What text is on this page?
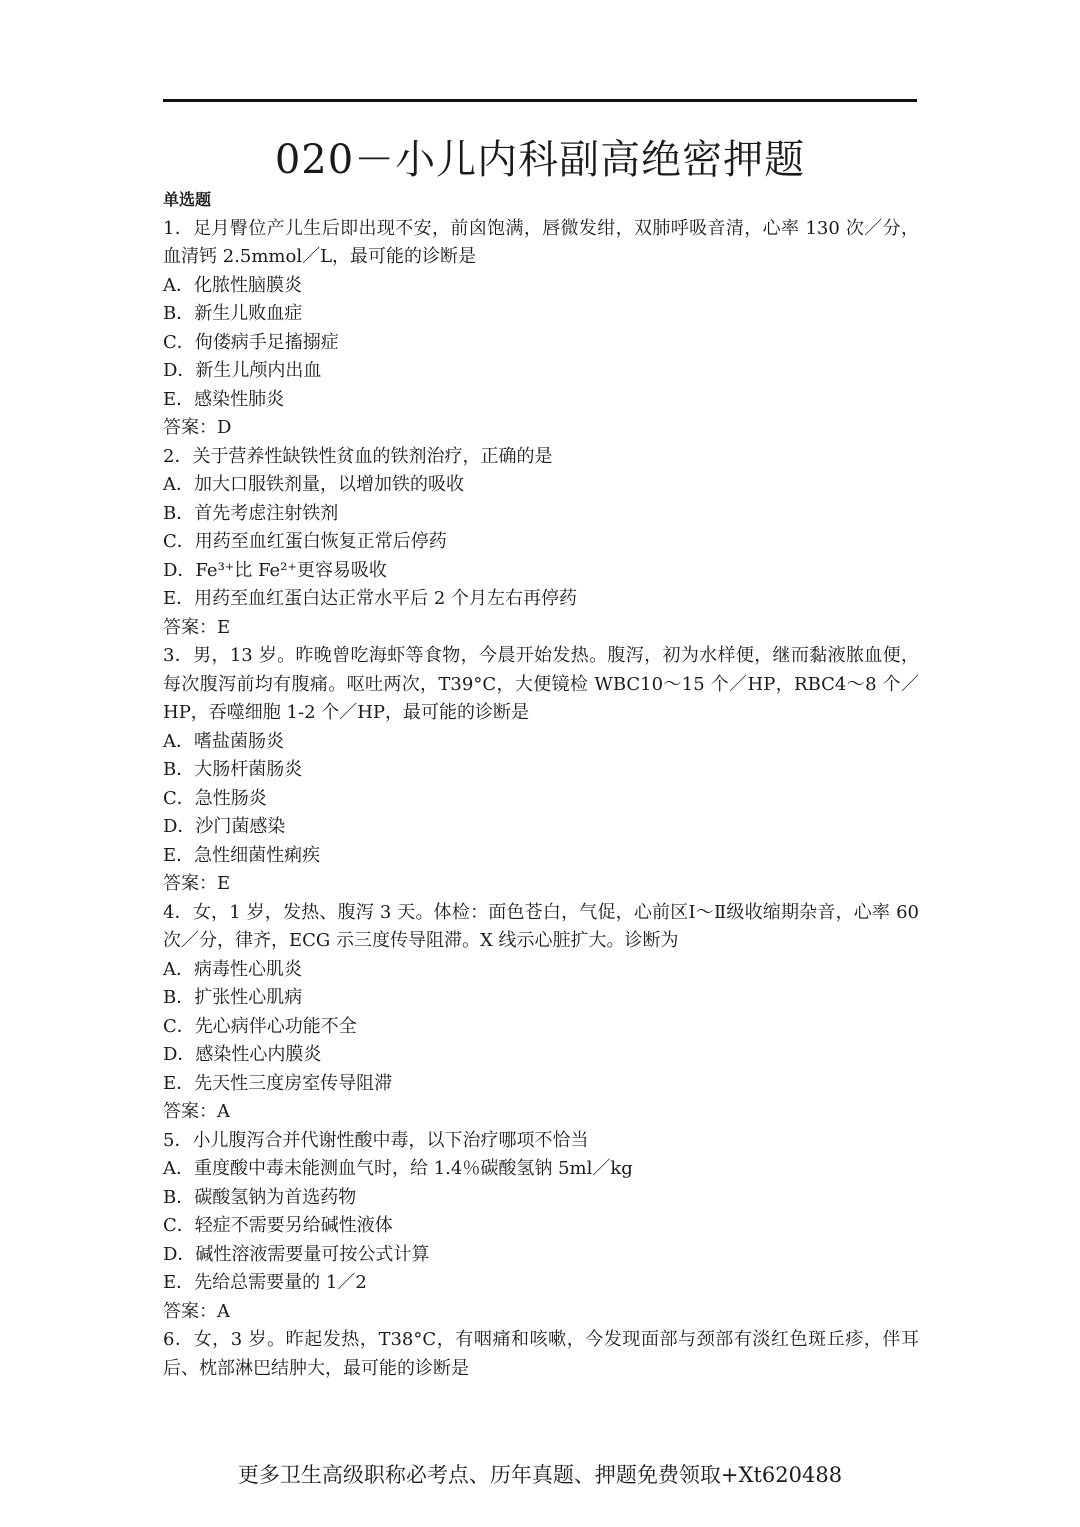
020－小儿内科副高绝密押题
单选题
1．足月臀位产儿生后即出现不安，前囟饱满，唇微发绀，双肺呼吸音清，心率 130 次／分，血清钙 2.5mmol／L，最可能的诊断是
A．化脓性脑膜炎
B．新生儿败血症
C．佝偻病手足搐搦症
D．新生儿颅内出血
E．感染性肺炎
答案：D
2．关于营养性缺铁性贫血的铁剂治疗，正确的是
A．加大口服铁剂量，以增加铁的吸收
B．首先考虑注射铁剂
C．用药至血红蛋白恢复正常后停药
D．Fe³⁺比 Fe²⁺更容易吸收
E．用药至血红蛋白达正常水平后 2 个月左右再停药
答案：E
3．男，13 岁。昨晚曾吃海虾等食物，今晨开始发热。腹泻，初为水样便，继而黏液脓血便，每次腹泻前均有腹痛。呕吐两次，T39°C，大便镜检 WBC10～15 个／HP，RBC4～8 个／HP，吞噬细胞 1-2 个／HP，最可能的诊断是
A．嗜盐菌肠炎
B．大肠杆菌肠炎
C．急性肠炎
D．沙门菌感染
E．急性细菌性痢疾
答案：E
4．女，1 岁，发热、腹泻 3 天。体检：面色苍白，气促，心前区Ⅰ～Ⅱ级收缩期杂音，心率 60 次／分，律齐，ECG 示三度传导阻滞。X 线示心脏扩大。诊断为
A．病毒性心肌炎
B．扩张性心肌病
C．先心病伴心功能不全
D．感染性心内膜炎
E．先天性三度房室传导阻滞
答案：A
5．小儿腹泻合并代谢性酸中毒，以下治疗哪项不恰当
A．重度酸中毒未能测血气时，给 1.4％碳酸氢钠 5ml／kg
B．碳酸氢钠为首选药物
C．轻症不需要另给碱性液体
D．碱性溶液需要量可按公式计算
E．先给总需要量的 1／2
答案：A
6．女，3 岁。昨起发热，T38°C，有咽痛和咳嗽，今发现面部与颈部有淡红色斑丘疹，伴耳后、枕部淋巴结肿大，最可能的诊断是
更多卫生高级职称必考点、历年真题、押题免费领取+Xt620488
